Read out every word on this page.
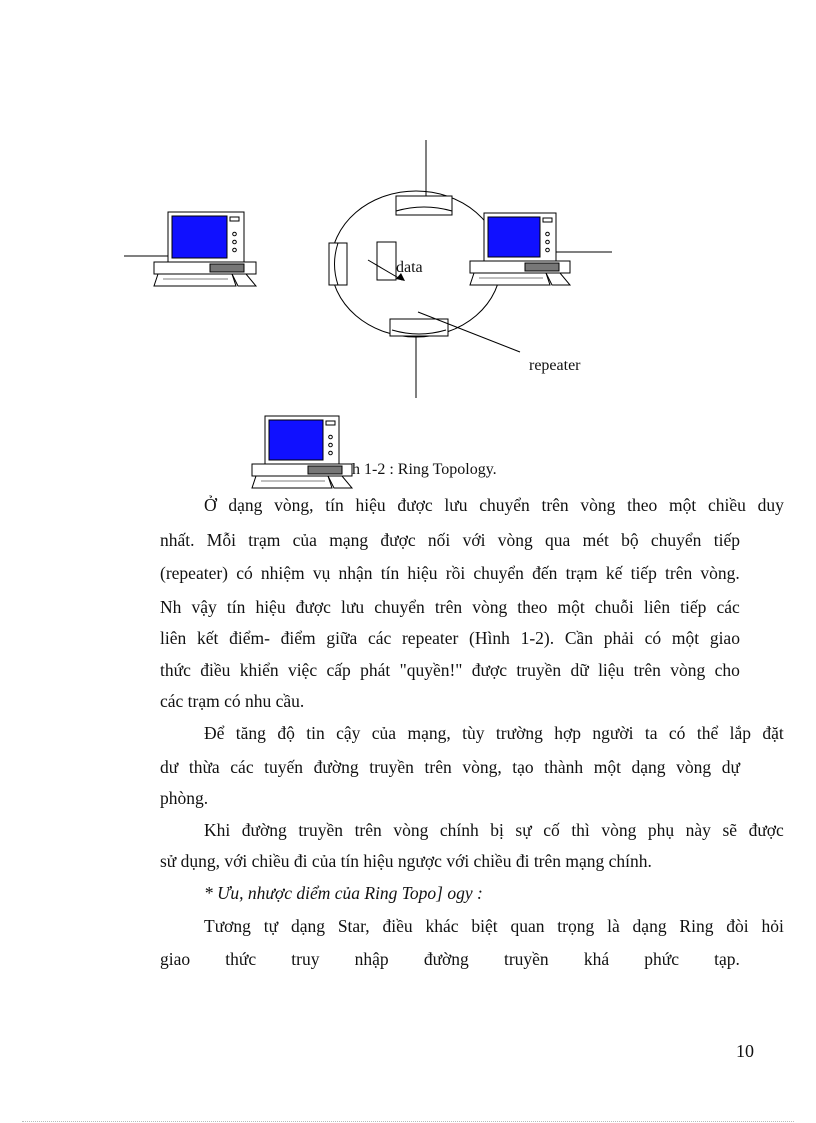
data
repeater
h 1-2 : Ring Topology.
Ở dạng vòng, tín hiệu được lưu chuyển trên vòng theo một chiều duy
nhất. Mỗi trạm của mạng được nối với vòng qua mét bộ chuyển tiếp
(repeater) có nhiệm vụ nhận tín hiệu rồi chuyển đến trạm kế tiếp trên vòng.
Nh vậy tín hiệu được lưu chuyển trên vòng theo một chuỗi liên tiếp các
liên kết điểm- điểm giữa các repeater (Hình 1-2). Cần phải có một giao
thức điều khiển việc cấp phát "quyền!" được truyền dữ liệu trên vòng cho
các trạm có nhu cầu.
Để tăng độ tin cậy của mạng, tùy trường hợp người ta có thể lắp đặt
dư thừa các tuyến đường truyền trên vòng, tạo thành một dạng vòng dự
phòng.
Khi đường truyền trên vòng chính bị sự cố thì vòng phụ này sẽ được
sử dụng, với chiều đi của tín hiệu ngược với chiều đi trên mạng chính.
* Ưu, nhược diểm của Ring Topo] ogy :
Tương tự dạng Star, điều khác biệt quan trọng là dạng Ring đòi hỏi
giao thức truy nhập đường truyền khá phức tạp.
10
